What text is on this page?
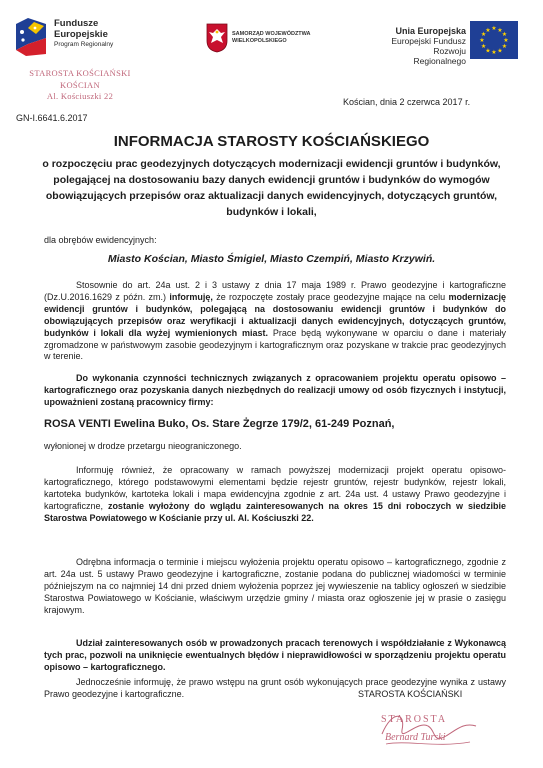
Fundusze
Europejskie
Program Regionalny
SAMORZĄD WOJEWÓDZTWA
WIELKOPOLSKIEGO
Unia Europejska
Europejski Fundusz
Rozwoju Regionalnego
★ ★
★
★
★
★
★
★
★
★
★
★
STAROSTA KOŚCIAŃSKI
KOŚCIAN
Al. Kościuszki 22
GN-I.6641.6.2017
Kościan, dnia 2 czerwca 2017 r.
INFORMACJA STAROSTY KOŚCIAŃSKIEGO
o rozpoczęciu prac geodezyjnych dotyczących modernizacji ewidencji gruntów i budynków, polegającej na dostosowaniu bazy danych ewidencji gruntów i budynków do wymogów obowiązujących przepisów oraz aktualizacji danych ewidencyjnych, dotyczących gruntów, budynków i lokali,
dla obrębów ewidencyjnych:
Miasto Kościan, Miasto Śmigiel, Miasto Czempiń, Miasto Krzywiń.
Stosownie do art. 24a ust. 2 i 3 ustawy z dnia 17 maja 1989 r. Prawo geodezyjne i kartograficzne (Dz.U.2016.1629 z późn. zm.) informuję, że rozpoczęte zostały prace geodezyjne mające na celu modernizację ewidencji gruntów i budynków, polegającą na dostosowaniu ewidencji gruntów i budynków do obowiązujących przepisów oraz weryfikacji i aktualizacji danych ewidencyjnych, dotyczących gruntów, budynków i lokali dla wyżej wymienionych miast. Prace będą wykonywane w oparciu o dane i materiały zgromadzone w państwowym zasobie geodezyjnym i kartograficznym oraz pozyskane w trakcie prac geodezyjnych w terenie.
Do wykonania czynności technicznych związanych z opracowaniem projektu operatu opisowo – kartograficznego oraz pozyskania danych niezbędnych do realizacji umowy od osób fizycznych i instytucji, upoważnieni zostaną pracownicy firmy:
ROSA VENTI Ewelina Buko, Os. Stare Żegrze 179/2, 61-249 Poznań,
wyłonionej w drodze przetargu nieograniczonego.
Informuję również, że opracowany w ramach powyższej modernizacji projekt operatu opisowo-kartograficznego, którego podstawowymi elementami będzie rejestr gruntów, rejestr budynków, rejestr lokali, kartoteka budynków, kartoteka lokali i mapa ewidencyjna zgodnie z art. 24a ust. 4 ustawy Prawo geodezyjne i kartograficzne, zostanie wyłożony do wglądu zainteresowanych na okres 15 dni roboczych w siedzibie Starostwa Powiatowego w Kościanie przy ul. Al. Kościuszki 22.
Odrębna informacja o terminie i miejscu wyłożenia projektu operatu opisowo – kartograficznego, zgodnie z art. 24a ust. 5 ustawy Prawo geodezyjne i kartograficzne, zostanie podana do publicznej wiadomości w terminie późniejszym na co najmniej 14 dni przed dniem wyłożenia poprzez jej wywieszenie na tablicy ogłoszeń w siedzibie Starostwa Powiatowego w Kościanie, właściwym urzędzie gminy / miasta oraz ogłoszenie jej w prasie o zasięgu krajowym.
Udział zainteresowanych osób w prowadzonych pracach terenowych i współdziałanie z Wykonawcą tych prac, pozwoli na uniknięcie ewentualnych błędów i nieprawidłowości w sporządzeniu projektu operatu opisowo – kartograficznego.
Jednocześnie informuję, że prawo wstępu na grunt osób wykonujących prace geodezyjne wynika z ustawy Prawo geodezyjne i kartograficzne.	STAROSTA KOŚCIAŃSKI
STAROSTA
Bernard Turski
